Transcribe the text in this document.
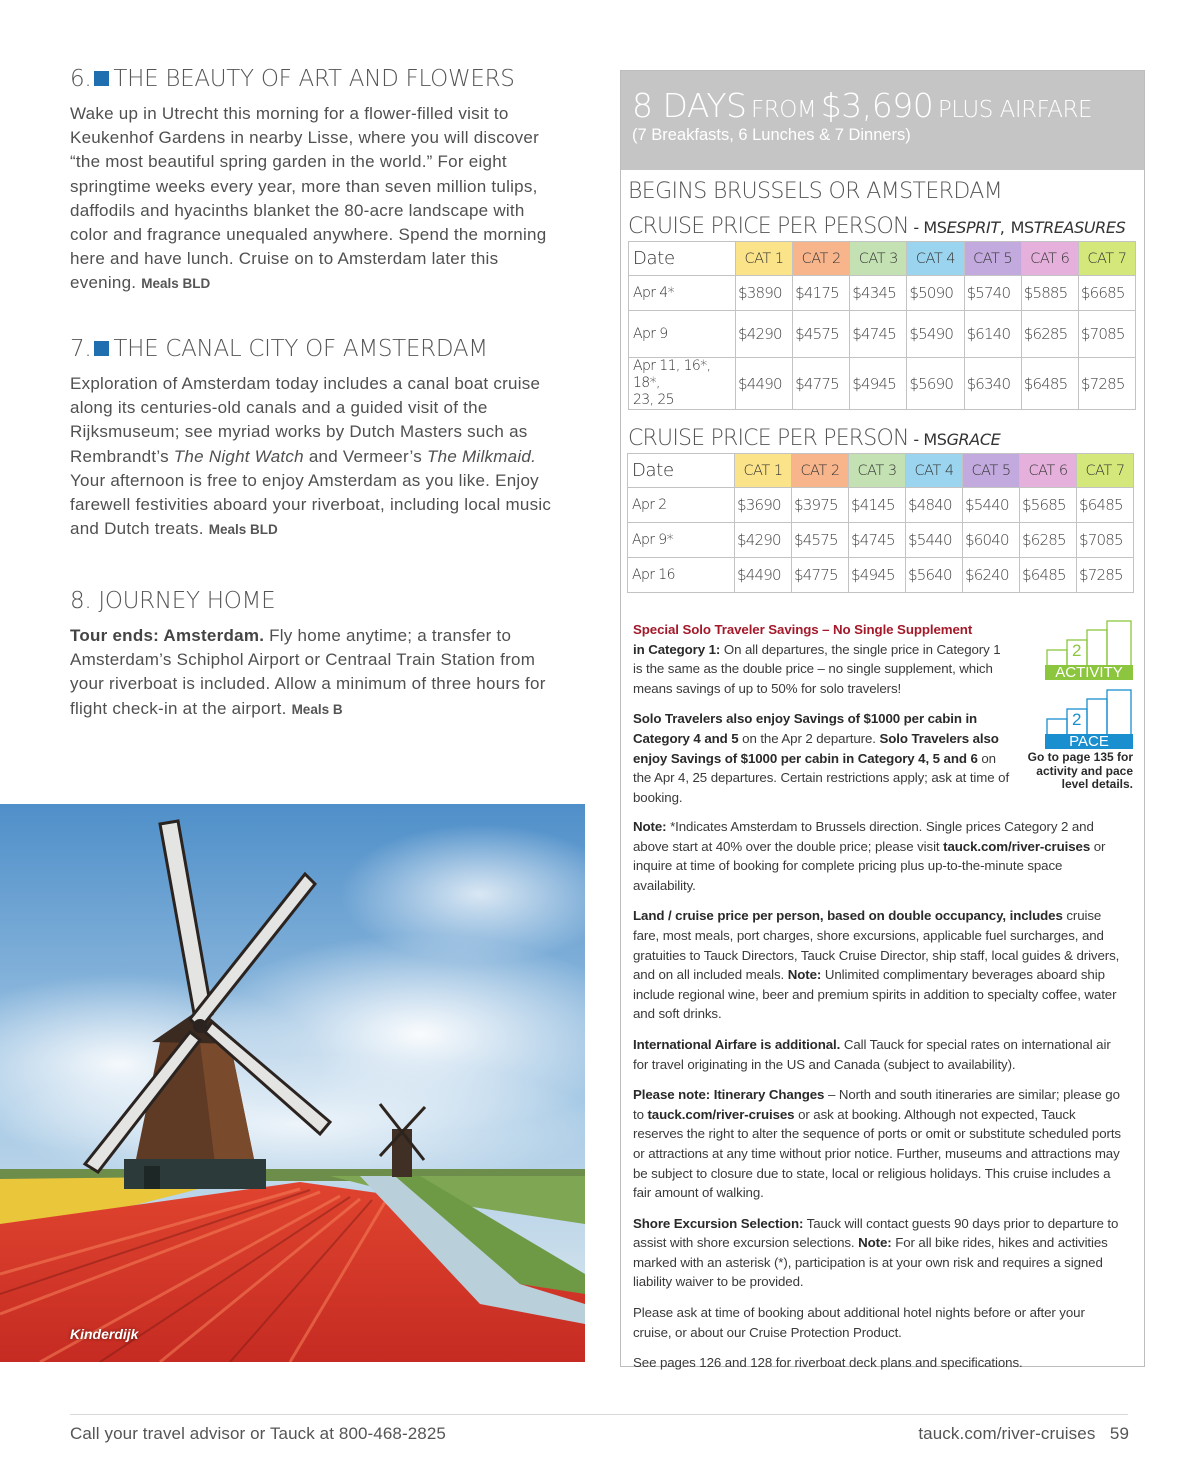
6. THE BEAUTY OF ART AND FLOWERS

Wake up in Utrecht this morning for a flower-filled visit to Keukenhof Gardens in nearby Lisse, where you will discover “the most beautiful spring garden in the world.” For eight springtime weeks every year, more than seven million tulips, daffodils and hyacinths blanket the 80-acre landscape with color and fragrance unequaled anywhere. Spend the morning here and have lunch. Cruise on to Amsterdam later this evening. Meals BLD

7. THE CANAL CITY OF AMSTERDAM

Exploration of Amsterdam today includes a canal boat cruise along its centuries-old canals and a guided visit of the Rijksmuseum; see myriad works by Dutch Masters such as Rembrandt’s The Night Watch and Vermeer’s The Milkmaid. Your afternoon is free to enjoy Amsterdam as you like. Enjoy farewell festivities aboard your riverboat, including local music and Dutch treats. Meals BLD

8. JOURNEY HOME

Tour ends: Amsterdam. Fly home anytime; a transfer to Amsterdam’s Schiphol Airport or Centraal Train Station from your riverboat is included. Allow a minimum of three hours for flight check-in at the airport. Meals B

Kinderdijk
8 DAYS FROM $3,690 PLUS AIRFARE
(7 Breakfasts, 6 Lunches & 7 Dinners)
BEGINS BRUSSELS OR AMSTERDAM
CRUISE PRICE PER PERSON - MSESPRIT, MSTREASURES
Date	CAT 1	CAT 2	CAT 3	CAT 4	CAT 5	CAT 6	CAT 7
Apr 4*	$3890	$4175	$4345	$5090	$5740	$5885	$6685
Apr 9	$4290	$4575	$4745	$5490	$6140	$6285	$7085
Apr 11, 16*, 18*,
23, 25	$4490	$4775	$4945	$5690	$6340	$6485	$7285
CRUISE PRICE PER PERSON - MSGRACE
Date	CAT 1	CAT 2	CAT 3	CAT 4	CAT 5	CAT 6	CAT 7
Apr 2	$3690	$3975	$4145	$4840	$5440	$5685	$6485
Apr 9*	$4290	$4575	$4745	$5440	$6040	$6285	$7085
Apr 16	$4490	$4775	$4945	$5640	$6240	$6485	$7285

Special Solo Traveler Savings – No Single Supplement
in Category 1: On all departures, the single price in Category 1 is the same as the double price – no single supplement, which means savings of up to 50% for solo travelers!

Solo Travelers also enjoy Savings of $1000 per cabin in Category 4 and 5 on the Apr 2 departure. Solo Travelers also enjoy Savings of $1000 per cabin in Category 4, 5 and 6 on the Apr 4, 25 departures. Certain restrictions apply; ask at time of booking.

2
ACTIVITY
2
PACE
Go to page 135 for activity and pace level details.

Note: *Indicates Amsterdam to Brussels direction. Single prices Category 2 and above start at 40% over the double price; please visit tauck.com/river-cruises or inquire at time of booking for complete pricing plus up-to-the-minute space availability.

Land / cruise price per person, based on double occupancy, includes cruise fare, most meals, port charges, shore excursions, applicable fuel surcharges, and gratuities to Tauck Directors, Tauck Cruise Director, ship staff, local guides & drivers, and on all included meals. Note: Unlimited complimentary beverages aboard ship include regional wine, beer and premium spirits in addition to specialty coffee, water and soft drinks.

International Airfare is additional. Call Tauck for special rates on international air for travel originating in the US and Canada (subject to availability).

Please note: Itinerary Changes – North and south itineraries are similar; please go to tauck.com/river-cruises or ask at booking. Although not expected, Tauck reserves the right to alter the sequence of ports or omit or substitute scheduled ports or attractions at any time without prior notice. Further, museums and attractions may be subject to closure due to state, local or religious holidays. This cruise includes a fair amount of walking.

Shore Excursion Selection: Tauck will contact guests 90 days prior to departure to assist with shore excursion selections. Note: For all bike rides, hikes and activities marked with an asterisk (*), participation is at your own risk and requires a signed liability waiver to be provided.

Please ask at time of booking about additional hotel nights before or after your cruise, or about our Cruise Protection Product.

See pages 126 and 128 for riverboat deck plans and specifications.

Call your travel advisor or Tauck at 800-468-2825	tauck.com/river-cruises   59
